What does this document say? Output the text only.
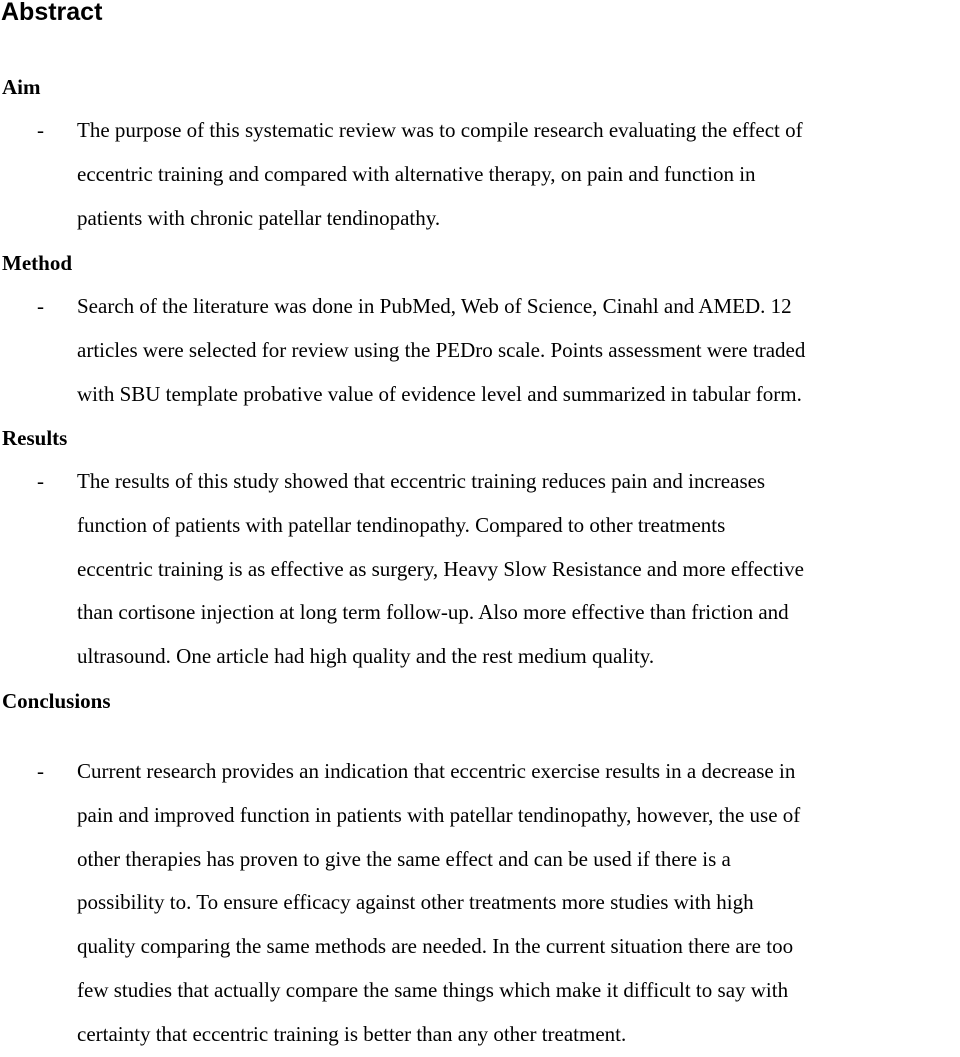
Abstract
Aim
-	The purpose of this systematic review was to compile research evaluating the effect of
eccentric training and compared with alternative therapy, on pain and function in
patients with chronic patellar tendinopathy.
Method
-	Search of the literature was done in PubMed, Web of Science, Cinahl and AMED. 12
articles were selected for review using the PEDro scale. Points assessment were traded
with SBU template probative value of evidence level and summarized in tabular form.
Results
-	The results of this study showed that eccentric training reduces pain and increases
function of patients with patellar tendinopathy. Compared to other treatments
eccentric training is as effective as surgery, Heavy Slow Resistance and more effective
than cortisone injection at long term follow-up. Also more effective than friction and
ultrasound. One article had high quality and the rest medium quality.
Conclusions
-	Current research provides an indication that eccentric exercise results in a decrease in
pain and improved function in patients with patellar tendinopathy, however, the use of
other therapies has proven to give the same effect and can be used if there is a
possibility to. To ensure efficacy against other treatments more studies with high
quality comparing the same methods are needed. In the current situation there are too
few studies that actually compare the same things which make it difficult to say with
certainty that eccentric training is better than any other treatment.
